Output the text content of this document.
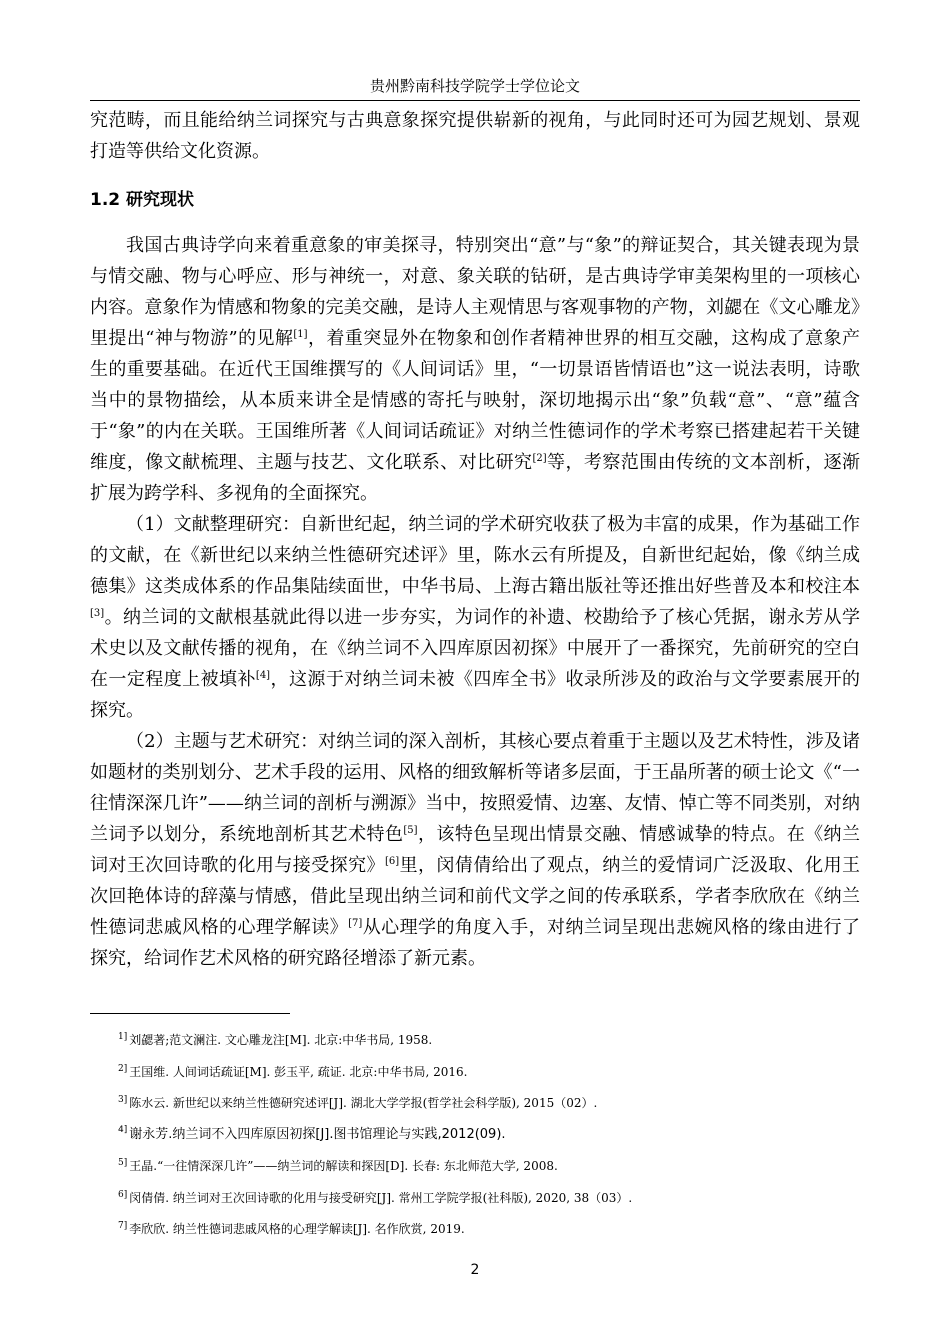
贵州黔南科技学院学士学位论文

究范畴，而且能给纳兰词探究与古典意象探究提供崭新的视角，与此同时还可为园艺规划、景观打造等供给文化资源。

1.2 研究现状

我国古典诗学向来着重意象的审美探寻，特别突出“意”与“象”的辩证契合，其关键表现为景与情交融、物与心呼应、形与神统一，对意、象关联的钻研，是古典诗学审美架构里的一项核心内容。意象作为情感和物象的完美交融，是诗人主观情思与客观事物的产物，刘勰在《文心雕龙》里提出“神与物游”的见解[1]，着重突显外在物象和创作者精神世界的相互交融，这构成了意象产生的重要基础。在近代王国维撰写的《人间词话》里，“一切景语皆情语也”这一说法表明，诗歌当中的景物描绘，从本质来讲全是情感的寄托与映射，深切地揭示出“象”负载“意”、“意”蕴含于“象”的内在关联。王国维所著《人间词话疏证》对纳兰性德词作的学术考察已搭建起若干关键维度，像文献梳理、主题与技艺、文化联系、对比研究[2]等，考察范围由传统的文本剖析，逐渐扩展为跨学科、多视角的全面探究。

（1）文献整理研究：自新世纪起，纳兰词的学术研究收获了极为丰富的成果，作为基础工作的文献，在《新世纪以来纳兰性德研究述评》里，陈水云有所提及，自新世纪起始，像《纳兰成德集》这类成体系的作品集陆续面世，中华书局、上海古籍出版社等还推出好些普及本和校注本[3]。纳兰词的文献根基就此得以进一步夯实，为词作的补遗、校勘给予了核心凭据，谢永芳从学术史以及文献传播的视角，在《纳兰词不入四库原因初探》中展开了一番探究，先前研究的空白在一定程度上被填补[4]，这源于对纳兰词未被《四库全书》收录所涉及的政治与文学要素展开的探究。

（2）主题与艺术研究：对纳兰词的深入剖析，其核心要点着重于主题以及艺术特性，涉及诸如题材的类别划分、艺术手段的运用、风格的细致解析等诸多层面，于王晶所著的硕士论文《“一往情深深几许”——纳兰词的剖析与溯源》当中，按照爱情、边塞、友情、悼亡等不同类别，对纳兰词予以划分，系统地剖析其艺术特色[5]，该特色呈现出情景交融、情感诚挚的特点。在《纳兰词对王次回诗歌的化用与接受探究》[6]里，闵倩倩给出了观点，纳兰的爱情词广泛汲取、化用王次回艳体诗的辞藻与情感，借此呈现出纳兰词和前代文学之间的传承联系，学者李欣欣在《纳兰性德词悲戚风格的心理学解读》[7]从心理学的角度入手，对纳兰词呈现出悲婉风格的缘由进行了探究，给词作艺术风格的研究路径增添了新元素。

$^{1]}$ 刘勰著;范文澜注. 文心雕龙注[M]. 北京:中华书局, 1958.
$^{2]}$ 王国维. 人间词话疏证[M]. 彭玉平, 疏证. 北京:中华书局, 2016.
$^{3]}$ 陈水云. 新世纪以来纳兰性德研究述评[J]. 湖北大学学报(哲学社会科学版), 2015（02）.
$^{4]}$ 谢永芳.纳兰词不入四库原因初探[J].图书馆理论与实践,2012(09).
$^{5]}$ 王晶.“一往情深深几许”——纳兰词的解读和探因[D]. 长春: 东北师范大学, 2008.
$^{6]}$ 闵倩倩. 纳兰词对王次回诗歌的化用与接受研究[J]. 常州工学院学报(社科版), 2020, 38（03）.
$^{7]}$ 李欣欣. 纳兰性德词悲戚风格的心理学解读[J]. 名作欣赏, 2019.
2
